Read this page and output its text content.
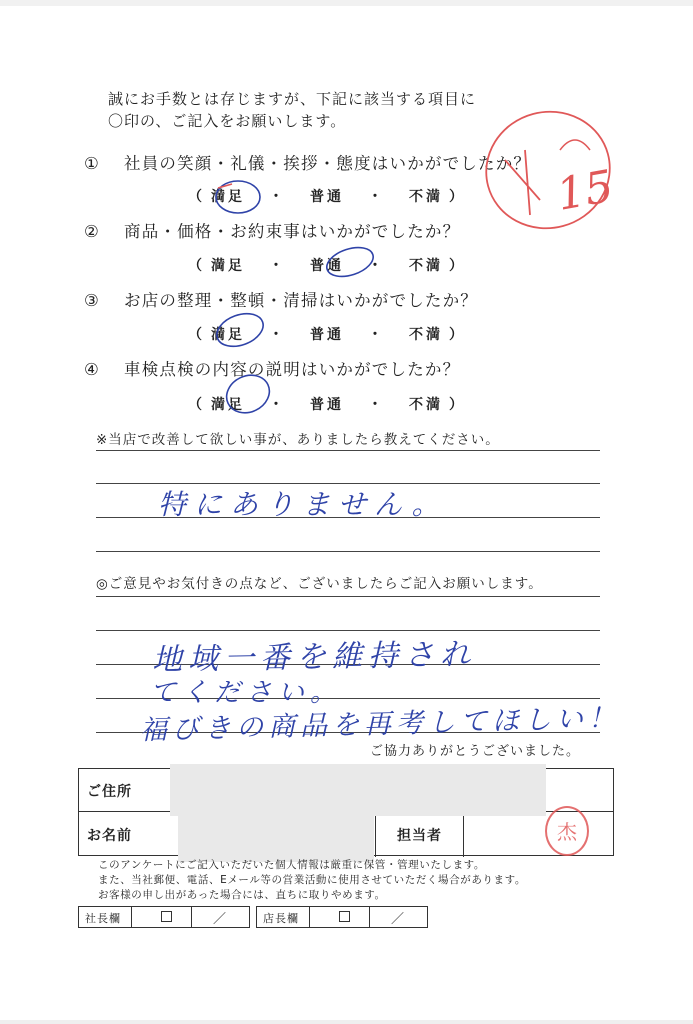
誠にお手数とは存じますが、下記に該当する項目に
〇印の、ご記入をお願いします。
① 社員の笑顔・礼儀・挨拶・態度はいかがでしたか？
（ 満足 ・ 普通 ・ 不満 ）
② 商品・価格・お約束事はいかがでしたか？
（ 満足 ・ 普通 ・ 不満 ）
③ お店の整理・整頓・清掃はいかがでしたか？
（ 満足 ・ 普通 ・ 不満 ）
④ 車検点検の内容の説明はいかがでしたか？
（ 満足 ・ 普通 ・ 不満 ）
※当店で改善して欲しい事が、ありましたら教えてください。
特にありません。
◎ご意見やお気付きの点など、ございましたらご記入お願いします。
地域一番を維持され
てください。
福びきの商品を再考してほしい！
ご協力ありがとうございました。
ご住所
お名前	担当者	杰
このアンケートにご記入いただいた個人情報は厳重に保管・管理いたします。
また、当社郵便、電話、Eメール等の営業活動に使用させていただく場合があります。
お客様の申し出があった場合には、直ちに取りやめます。
社長欄	／	店長欄	／
15
